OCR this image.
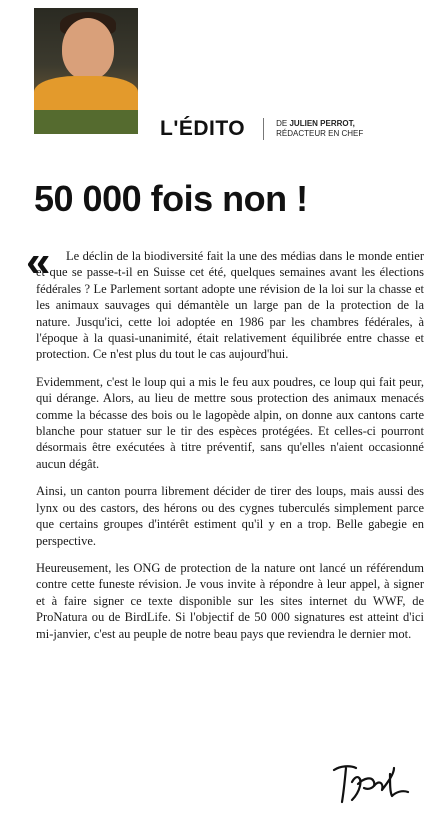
L'ÉDITO	DE JULIEN PERROT,
RÉDACTEUR EN CHEF
50 000 fois non !
«	Le déclin de la biodiversité fait la une des médias dans le monde entier et que se passe-t-il en Suisse cet été, quelques semaines avant les élections fédérales ? Le Parlement sortant adopte une révision de la loi sur la chasse et les animaux sauvages qui démantèle un large pan de la protection de la nature. Jusqu'ici, cette loi adoptée en 1986 par les chambres fédérales, à l'époque à la quasi-unanimité, était relativement équilibrée entre chasse et protection. Ce n'est plus du tout le cas aujourd'hui.

Evidemment, c'est le loup qui a mis le feu aux poudres, ce loup qui fait peur, qui dérange. Alors, au lieu de mettre sous protection des animaux menacés comme la bécasse des bois ou le lagopède alpin, on donne aux cantons carte blanche pour statuer sur le tir des espèces protégées. Et celles-ci pourront désormais être exécutées à titre préventif, sans qu'elles n'aient occasionné aucun dégât.

Ainsi, un canton pourra librement décider de tirer des loups, mais aussi des lynx ou des castors, des hérons ou des cygnes tuberculés simplement parce que certains groupes d'intérêt estiment qu'il y en a trop. Belle gabegie en perspective.

Heureusement, les ONG de protection de la nature ont lancé un référendum contre cette funeste révision. Je vous invite à répondre à leur appel, à signer et à faire signer ce texte disponible sur les sites internet du WWF, de ProNatura ou de BirdLife. Si l'objectif de 50 000 signatures est atteint d'ici mi-janvier, c'est au peuple de notre beau pays que reviendra le dernier mot.
